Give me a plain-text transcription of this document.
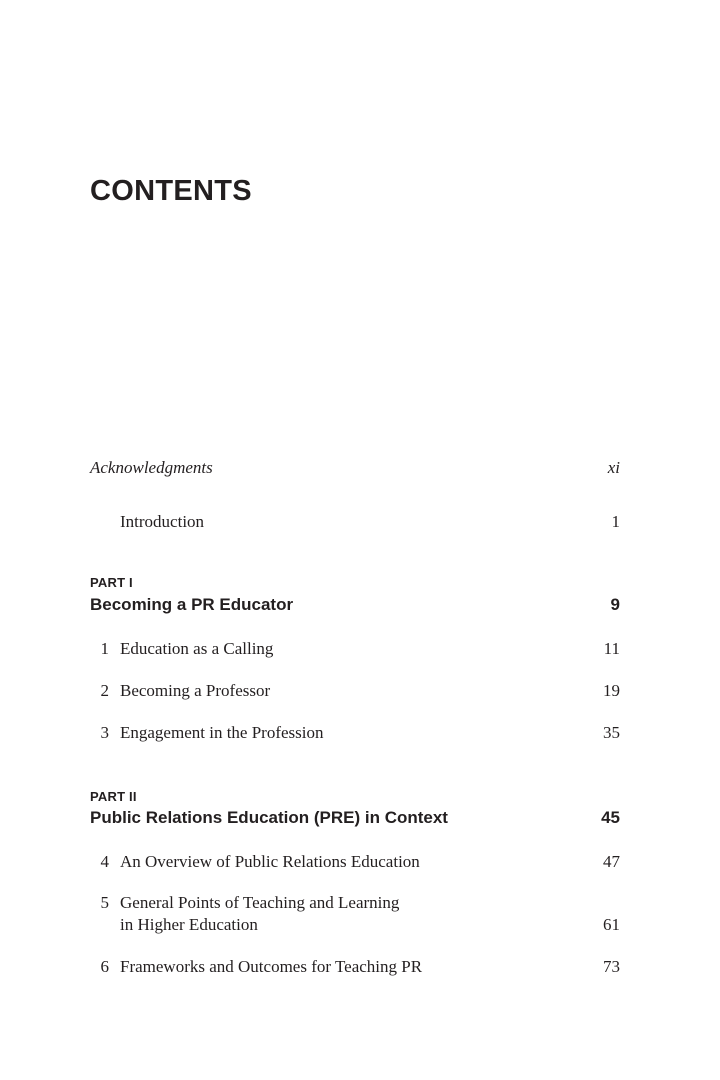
CONTENTS
Acknowledgments	xi
Introduction	1
PART I
Becoming a PR Educator	9
1 Education as a Calling	11
2 Becoming a Professor	19
3 Engagement in the Profession	35
PART II
Public Relations Education (PRE) in Context	45
4 An Overview of Public Relations Education	47
5 General Points of Teaching and Learning
in Higher Education	61
6 Frameworks and Outcomes for Teaching PR	73
